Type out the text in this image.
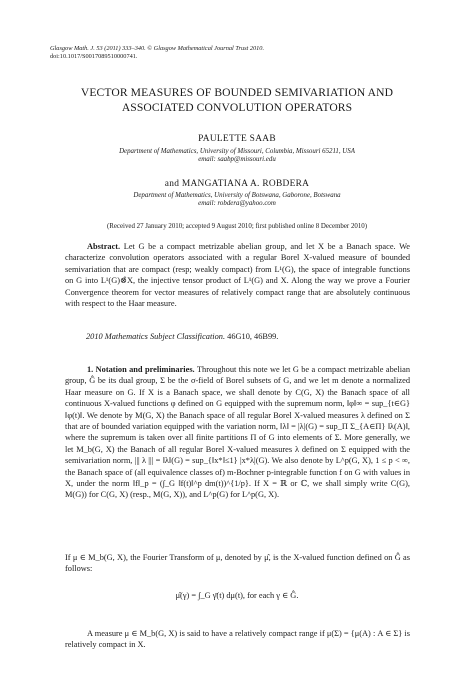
Glasgow Math. J. 53 (2011) 333–340. © Glasgow Mathematical Journal Trust 2010.
doi:10.1017/S0017089510000741.
VECTOR MEASURES OF BOUNDED SEMIVARIATION AND
ASSOCIATED CONVOLUTION OPERATORS
PAULETTE SAAB
Department of Mathematics, University of Missouri, Columbia, Missouri 65211, USA
email: saabp@missouri.edu
and MANGATIANA A. ROBDERA
Department of Mathematics, University of Botswana, Gaborone, Botswana
email: robdera@yahoo.com
(Received 27 January 2010; accepted 9 August 2010; first published online 8 December 2010)

Abstract. Let G be a compact metrizable abelian group, and let X be a Banach space. We characterize convolution operators associated with a regular Borel X-valued measure of bounded semivariation that are compact (resp; weakly compact) from L¹(G), the space of integrable functions on G into L¹(G)⊗̂X, the injective tensor product of L¹(G) and X. Along the way we prove a Fourier Convergence theorem for vector measures of relatively compact range that are absolutely continuous with respect to the Haar measure.

2010 Mathematics Subject Classification. 46G10, 46B99.

1. Notation and preliminaries. Throughout this note we let G be a compact metrizable abelian group, Ĝ be its dual group, Σ be the σ-field of Borel subsets of G, and we let m denote a normalized Haar measure on G. If X is a Banach space, we shall denote by C(G, X) the Banach space of all continuous X-valued functions φ defined on G equipped with the supremum norm, ‖φ‖∞ = sup_{t∈G} ‖φ(t)‖. We denote by M(G, X) the Banach space of all regular Borel X-valued measures λ defined on Σ that are of bounded variation equipped with the variation norm, ‖λ‖ = |λ|(G) = sup_Π Σ_{A∈Π} ‖λ(A)‖, where the supremum is taken over all finite partitions Π of G into elements of Σ. More generally, we let M_b(G, X) the Banach of all regular Borel X-valued measures λ defined on Σ equipped with the semivariation norm, ||| λ ||| = ‖λ‖(G) = sup_{‖x*‖≤1} |x*λ|(G). We also denote by L^p(G, X), 1 ≤ p < ∞, the Banach space of (all equivalence classes of) m-Bochner p-integrable function f on G with values in X, under the norm ‖f‖_p = (∫_G ‖f(t)‖^p dm(t))^{1/p}. If X = ℝ or ℂ, we shall simply write C(G), M(G)) for C(G, X) (resp., M(G, X)), and L^p(G) for L^p(G, X).

If μ ∈ M_b(G, X), the Fourier Transform of μ, denoted by μ̂, is the X-valued function defined on Ĝ as follows:

μ̂(γ) = ∫_G γ̄(t) dμ(t), for each γ ∈ Ĝ.

A measure μ ∈ M_b(G, X) is said to have a relatively compact range if μ(Σ) = {μ(A) : A ∈ Σ} is relatively compact in X.
